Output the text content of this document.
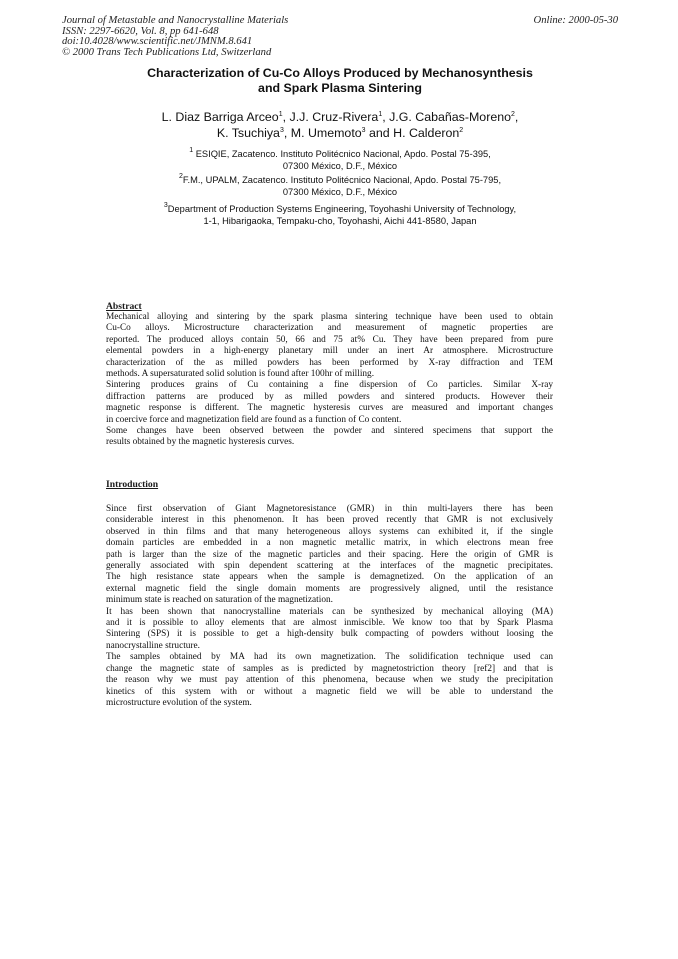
Journal of Metastable and Nanocrystalline Materials
ISSN: 2297-6620, Vol. 8, pp 641-648
doi:10.4028/www.scientific.net/JMNM.8.641
© 2000 Trans Tech Publications Ltd, Switzerland
Online: 2000-05-30
Characterization of Cu-Co Alloys Produced by Mechanosynthesis
and Spark Plasma Sintering
L. Diaz Barriga Arceo$^1$, J.J. Cruz-Rivera$^1$, J.G. Cabañas-Moreno$^2$,
K. Tsuchiya$^3$, M. Umemoto$^3$ and H. Calderon$^2$
$^1$ ESIQIE, Zacatenco. Instituto Politécnico Nacional, Apdo. Postal 75-395,
07300 México, D.F., México
$^2$F.M., UPALM, Zacatenco. Instituto Politécnico Nacional, Apdo. Postal 75-795,
07300 México, D.F., México
$^3$Department of Production Systems Engineering, Toyohashi University of Technology,
1-1, Hibarigaoka, Tempaku-cho, Toyohashi, Aichi 441-8580, Japan
Abstract
Mechanical alloying and sintering by the spark plasma sintering technique have been used to obtain
Cu-Co alloys. Microstructure characterization and measurement of magnetic properties are
reported. The produced alloys contain 50, 66 and 75 at% Cu. They have been prepared from pure
elemental powders in a high-energy planetary mill under an inert Ar atmosphere. Microstructure
characterization of the as milled powders has been performed by X-ray diffraction and TEM
methods. A supersaturated solid solution is found after 100hr of milling.
Sintering produces grains of Cu containing a fine dispersion of Co particles. Similar X-ray
diffraction patterns are produced by as milled powders and sintered products. However their
magnetic response is different. The magnetic hysteresis curves are measured and important changes
in coercive force and magnetization field are found as a function of Co content.
Some changes have been observed between the powder and sintered specimens that support the
results obtained by the magnetic hysteresis curves.
Introduction
Since first observation of Giant Magnetoresistance (GMR) in thin multi-layers there has been
considerable interest in this phenomenon. It has been proved recently that GMR is not exclusively
observed in thin films and that many heterogeneous alloys systems can exhibited it, if the single
domain particles are embedded in a non magnetic metallic matrix, in which electrons mean free
path is larger than the size of the magnetic particles and their spacing. Here the origin of GMR is
generally associated with spin dependent scattering at the interfaces of the magnetic precipitates.
The high resistance state appears when the sample is demagnetized. On the application of an
external magnetic field the single domain moments are progressively aligned, until the resistance
minimum state is reached on saturation of the magnetization.
It has been shown that nanocrystalline materials can be synthesized by mechanical alloying (MA)
and it is possible to alloy elements that are almost inmiscible. We know too that by Spark Plasma
Sintering (SPS) it is possible to get a high-density bulk compacting of powders without loosing the
nanocrystalline structure.
The samples obtained by MA had its own magnetization. The solidification technique used can
change the magnetic state of samples as is predicted by magnetostriction theory [ref2] and that is
the reason why we must pay attention of this phenomena, because when we study the precipitation
kinetics of this system with or without a magnetic field we will be able to understand the
microstructure evolution of the system.
